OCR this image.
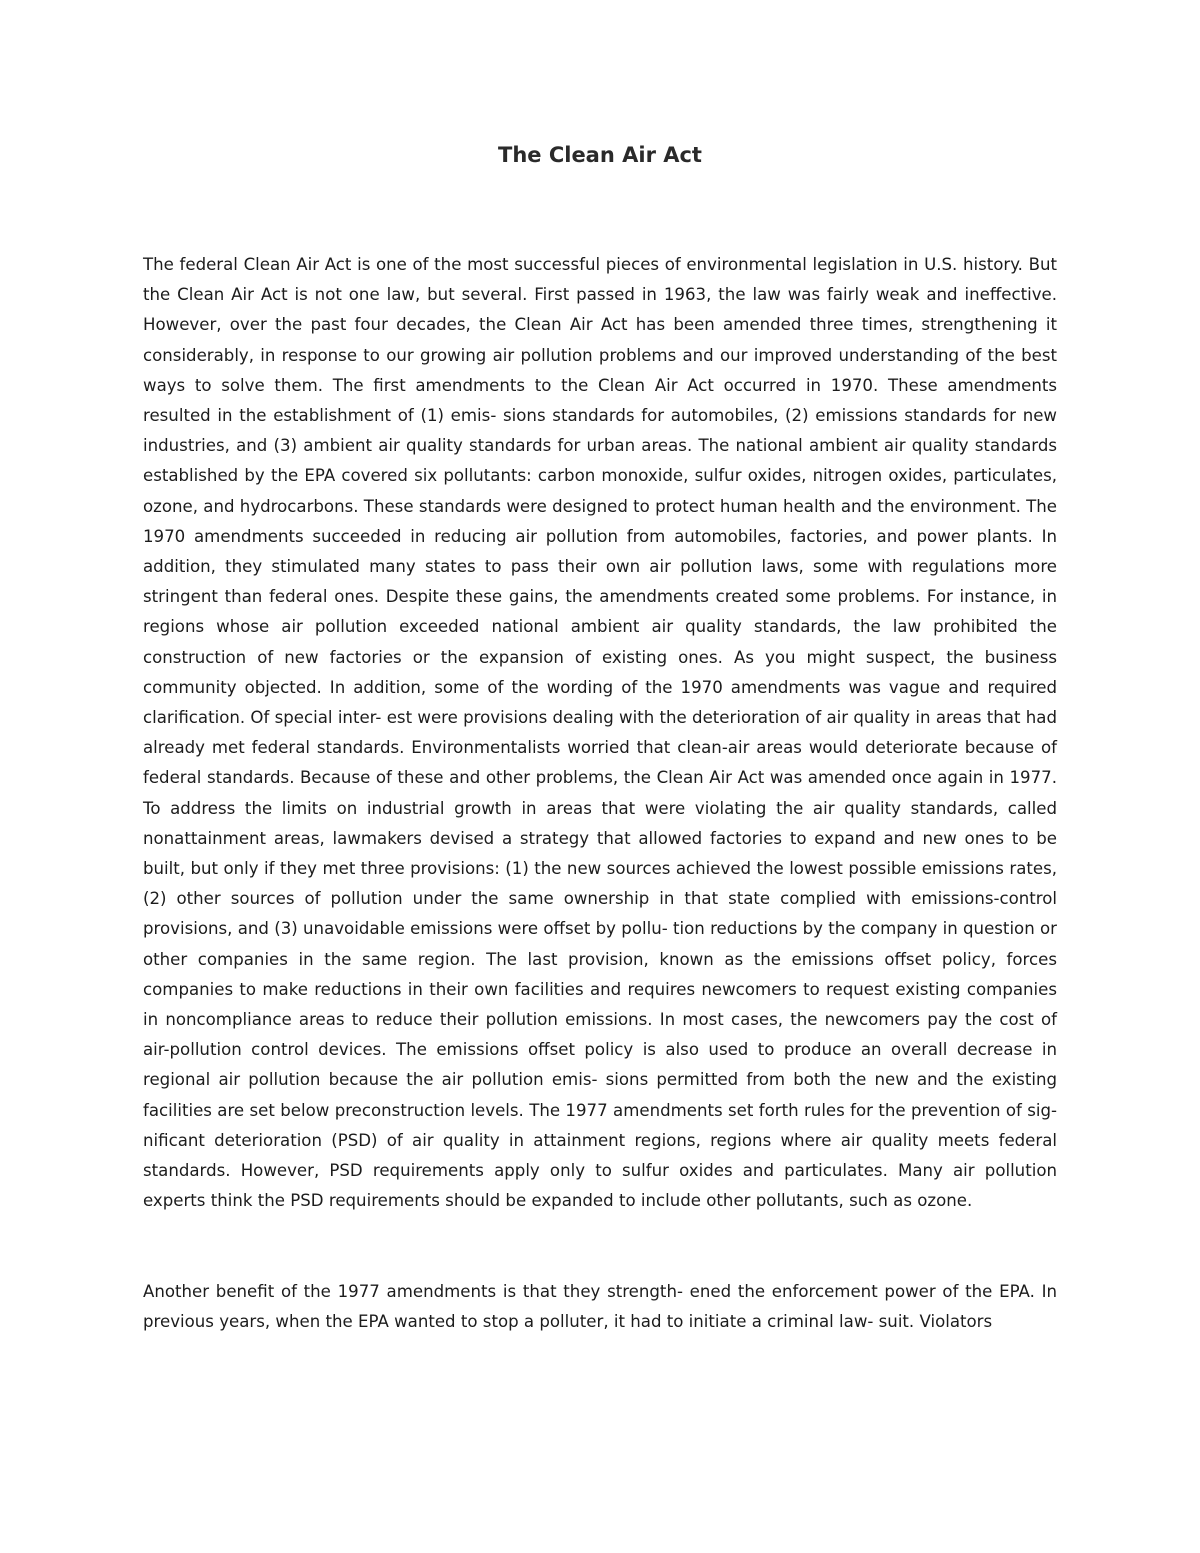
The Clean Air Act

The federal Clean Air Act is one of the most successful pieces of environmental legislation in U.S. history. But the Clean Air Act is not one law, but several. First passed in 1963, the law was fairly weak and ineffective. However, over the past four decades, the Clean Air Act has been amended three times, strengthening it considerably, in response to our growing air pollution problems and our improved understanding of the best ways to solve them. The first amendments to the Clean Air Act occurred in 1970. These amendments resulted in the establishment of (1) emis- sions standards for automobiles, (2) emissions standards for new industries, and (3) ambient air quality standards for urban areas. The national ambient air quality standards established by the EPA covered six pollutants: carbon monoxide, sulfur oxides, nitrogen oxides, particulates, ozone, and hydrocarbons. These standards were designed to protect human health and the environment. The 1970 amendments succeeded in reducing air pollution from automobiles, factories, and power plants. In addition, they stimulated many states to pass their own air pollution laws, some with regulations more stringent than federal ones. Despite these gains, the amendments created some problems. For instance, in regions whose air pollution exceeded national ambient air quality standards, the law prohibited the construction of new factories or the expansion of existing ones. As you might suspect, the business community objected. In addition, some of the wording of the 1970 amendments was vague and required clarification. Of special inter- est were provisions dealing with the deterioration of air quality in areas that had already met federal standards. Environmentalists worried that clean-air areas would deteriorate because of federal standards. Because of these and other problems, the Clean Air Act was amended once again in 1977. To address the limits on industrial growth in areas that were violating the air quality standards, called nonattainment areas, lawmakers devised a strategy that allowed factories to expand and new ones to be built, but only if they met three provisions: (1) the new sources achieved the lowest possible emissions rates, (2) other sources of pollution under the same ownership in that state complied with emissions-control provisions, and (3) unavoidable emissions were offset by pollu- tion reductions by the company in question or other companies in the same region. The last provision, known as the emissions offset policy, forces companies to make reductions in their own facilities and requires newcomers to request existing companies in noncompliance areas to reduce their pollution emissions. In most cases, the newcomers pay the cost of air-pollution control devices. The emissions offset policy is also used to produce an overall decrease in regional air pollution because the air pollution emis- sions permitted from both the new and the existing facilities are set below preconstruction levels. The 1977 amendments set forth rules for the prevention of sig- nificant deterioration (PSD) of air quality in attainment regions, regions where air quality meets federal standards. However, PSD requirements apply only to sulfur oxides and particulates. Many air pollution experts think the PSD requirements should be expanded to include other pollutants, such as ozone.

Another benefit of the 1977 amendments is that they strength- ened the enforcement power of the EPA. In previous years, when the EPA wanted to stop a polluter, it had to initiate a criminal law- suit. Violators
